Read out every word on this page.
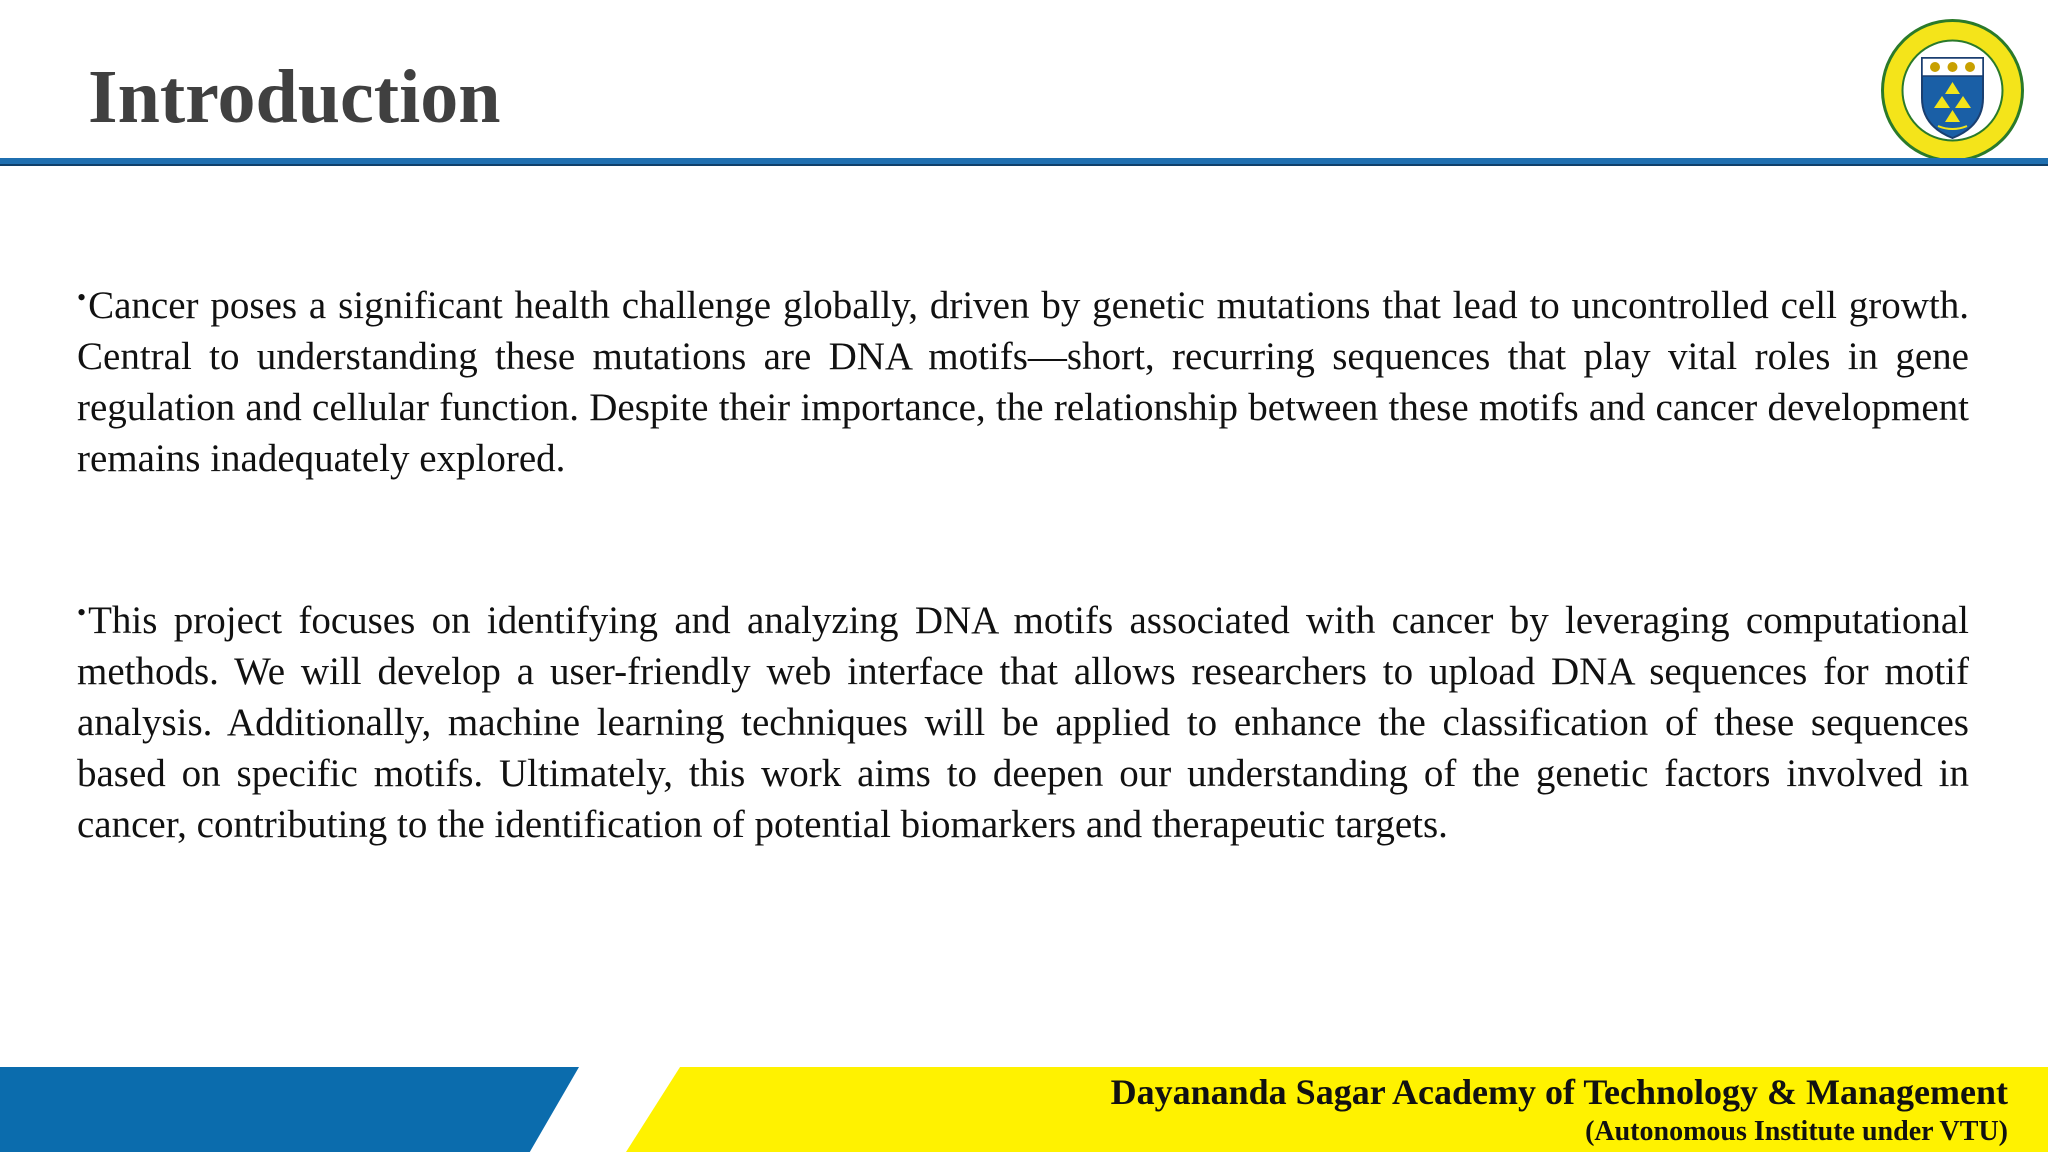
Introduction

•Cancer poses a significant health challenge globally, driven by genetic mutations that lead to uncontrolled cell growth. Central to understanding these mutations are DNA motifs—short, recurring sequences that play vital roles in gene regulation and cellular function. Despite their importance, the relationship between these motifs and cancer development remains inadequately explored.

•This project focuses on identifying and analyzing DNA motifs associated with cancer by leveraging computational methods. We will develop a user-friendly web interface that allows researchers to upload DNA sequences for motif analysis. Additionally, machine learning techniques will be applied to enhance the classification of these sequences based on specific motifs. Ultimately, this work aims to deepen our understanding of the genetic factors involved in cancer, contributing to the identification of potential biomarkers and therapeutic targets.

Dayananda Sagar Academy of Technology & Management
(Autonomous Institute under VTU)
